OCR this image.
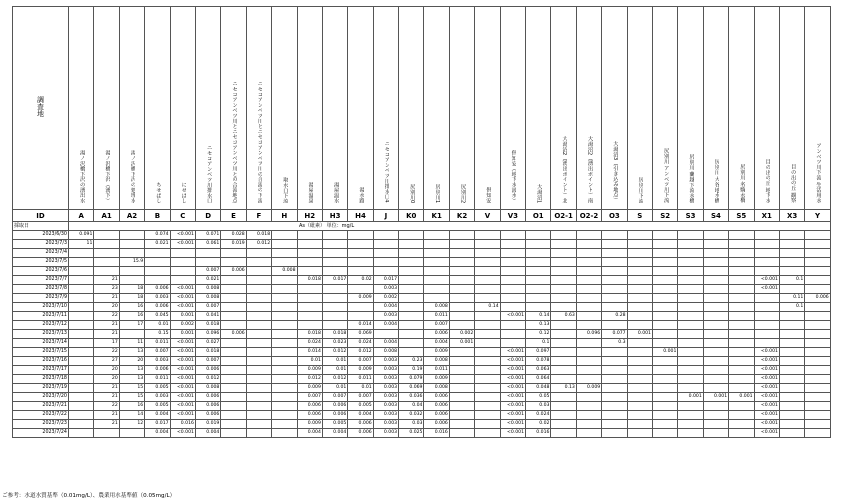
調査地	湯ノ沢橋下沢の湧出水	湯ノ沢橋下沢（湧下）	湯ノ沢橋下沢の処理水	ちせばし	にせばし	ニセコアンベツ川排水口	ニセコアンベツ川とニセコアンベツ川との合流地点	ニセコアンベツ川とニセコアンベツ川の合流の下流	取水口下流	湯屋温泉	湯屋温水	湯水路	ニセコアンベツ川排水口4	尻別川0	尻別川1	尻別川2	倶知安	倶知安（地下水汲水）	大湯沼1	大湯沼2（湧出ポイント）北	大湯沼2（湧出ポイント）南	大湯沼3（引き込み地点）	尻別川下流	尻別川 アンベツ川下流	尻別川 蘭越下流水橋	尻別川 大谷地水橋	尻別川 名駒水橋	目の出の丘 地下水	目の出の丘 観察	アンベツ川下流 生活用水
ID	A	A1	A2	B	C	D	E	F	H	H2	H3	H4	J	K0	K1	K2	V	V3	O1	O2-1	O2-2	O3	S	S2	S3	S4	S5	X1	X3	Y
採取日	As（砒素） 単位：mg/L																													
2023/6/30	0.091			0.074	<0.001	0.071	0.028	0.018																						
2023/7/3	11			0.021	<0.001	0.061	0.019	0.012																						
2023/7/4																														
2023/7/5			15.9																											
2023/7/6						0.007	0.006		0.008																					
2023/7/7		21				0.021				0.018	0.017	0.02	0.017															<0.001	0.1	
2023/7/8		23	18	0.006	<0.001	0.008							0.003															<0.001		
2023/7/9		21	18	0.003	<0.001	0.008						0.009	0.002																0.11	0.006
2023/7/10		20	16	0.006	<0.001	0.007							0.004		0.008		0.14												0.1	
2023/7/11		22	16	0.045	0.001	0.041							0.003		0.011			<0.001	0.14	0.63		0.28								
2023/7/12		21	17	0.01	0.002	0.018						0.014	0.004		0.007				0.13											
2023/7/13		21		0.15	0.001	0.096	0.006			0.018	0.018	0.069			0.006	0.002			0.12		0.096	0.077	0.001							
2023/7/14		17	11	0.011	<0.001	0.027				0.024	0.023	0.024	0.004		0.004	0.001			0.1			0.3								
2023/7/15		22	13	0.007	<0.001	0.018				0.014	0.012	0.012	0.008		0.009			<0.001	0.097					0.001				<0.001		
2023/7/16		27	20	0.003	<0.001	0.007				0.01	0.01	0.007	0.003	0.23	0.008			<0.001	0.078									<0.001		
2023/7/17		20	13	0.006	<0.001	0.006				0.009	0.01	0.009	0.003	0.19	0.011			<0.001	0.063									<0.001		
2023/7/18		20	13	0.011	<0.001	0.012				0.012	0.012	0.011	0.003	0.079	0.009			<0.001	0.064									<0.001		
2023/7/19		21	15	0.005	<0.001	0.008				0.009	0.01	0.01	0.003	0.069	0.008			<0.001	0.048	0.13	0.009							<0.001		
2023/7/20		21	15	0.003	<0.001	0.006				0.007	0.007	0.007	0.003	0.036	0.006			<0.001	0.05						0.001	0.001	0.001	<0.001		
2023/7/21		22	16	0.005	<0.001	0.006				0.006	0.006	0.005	0.003	0.04	0.006			<0.001	0.03									<0.001		
2023/7/22		21	14	0.004	<0.001	0.006				0.006	0.006	0.004	0.003	0.032	0.006			<0.001	0.024									<0.001		
2023/7/23		21	12	0.017	0.016	0.019				0.009	0.005	0.006	0.003	0.03	0.006			<0.001	0.02									<0.001		
2023/7/24				0.004	<0.001	0.004				0.004	0.004	0.006	0.003	0.025	0.016			<0.001	0.016									<0.001		
ご参考：水道水質基準（0.01mg/L）、農業用水基準値（0.05mg/L）
